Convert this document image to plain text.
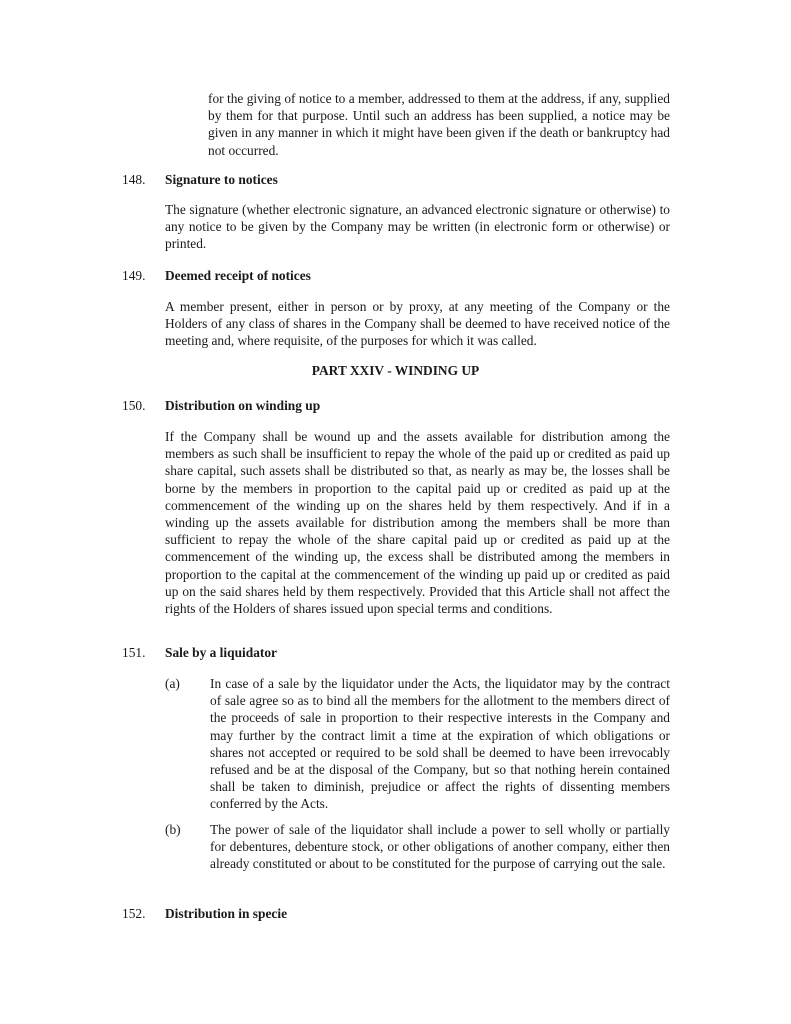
for the giving of notice to a member, addressed to them at the address, if any, supplied by them for that purpose. Until such an address has been supplied, a notice may be given in any manner in which it might have been given if the death or bankruptcy had not occurred.

148. Signature to notices

The signature (whether electronic signature, an advanced electronic signature or otherwise) to any notice to be given by the Company may be written (in electronic form or otherwise) or printed.

149. Deemed receipt of notices

A member present, either in person or by proxy, at any meeting of the Company or the Holders of any class of shares in the Company shall be deemed to have received notice of the meeting and, where requisite, of the purposes for which it was called.

PART XXIV - WINDING UP
150. Distribution on winding up

If the Company shall be wound up and the assets available for distribution among the members as such shall be insufficient to repay the whole of the paid up or credited as paid up share capital, such assets shall be distributed so that, as nearly as may be, the losses shall be borne by the members in proportion to the capital paid up or credited as paid up at the commencement of the winding up on the shares held by them respectively. And if in a winding up the assets available for distribution among the members shall be more than sufficient to repay the whole of the share capital paid up or credited as paid up at the commencement of the winding up, the excess shall be distributed among the members in proportion to the capital at the commencement of the winding up paid up or credited as paid up on the said shares held by them respectively. Provided that this Article shall not affect the rights of the Holders of shares issued upon special terms and conditions.

151. Sale by a liquidator
(a) In case of a sale by the liquidator under the Acts, the liquidator may by the contract of sale agree so as to bind all the members for the allotment to the members direct of the proceeds of sale in proportion to their respective interests in the Company and may further by the contract limit a time at the expiration of which obligations or shares not accepted or required to be sold shall be deemed to have been irrevocably refused and be at the disposal of the Company, but so that nothing herein contained shall be taken to diminish, prejudice or affect the rights of dissenting members conferred by the Acts.

(b) The power of sale of the liquidator shall include a power to sell wholly or partially for debentures, debenture stock, or other obligations of another company, either then already constituted or about to be constituted for the purpose of carrying out the sale.

152. Distribution in specie
